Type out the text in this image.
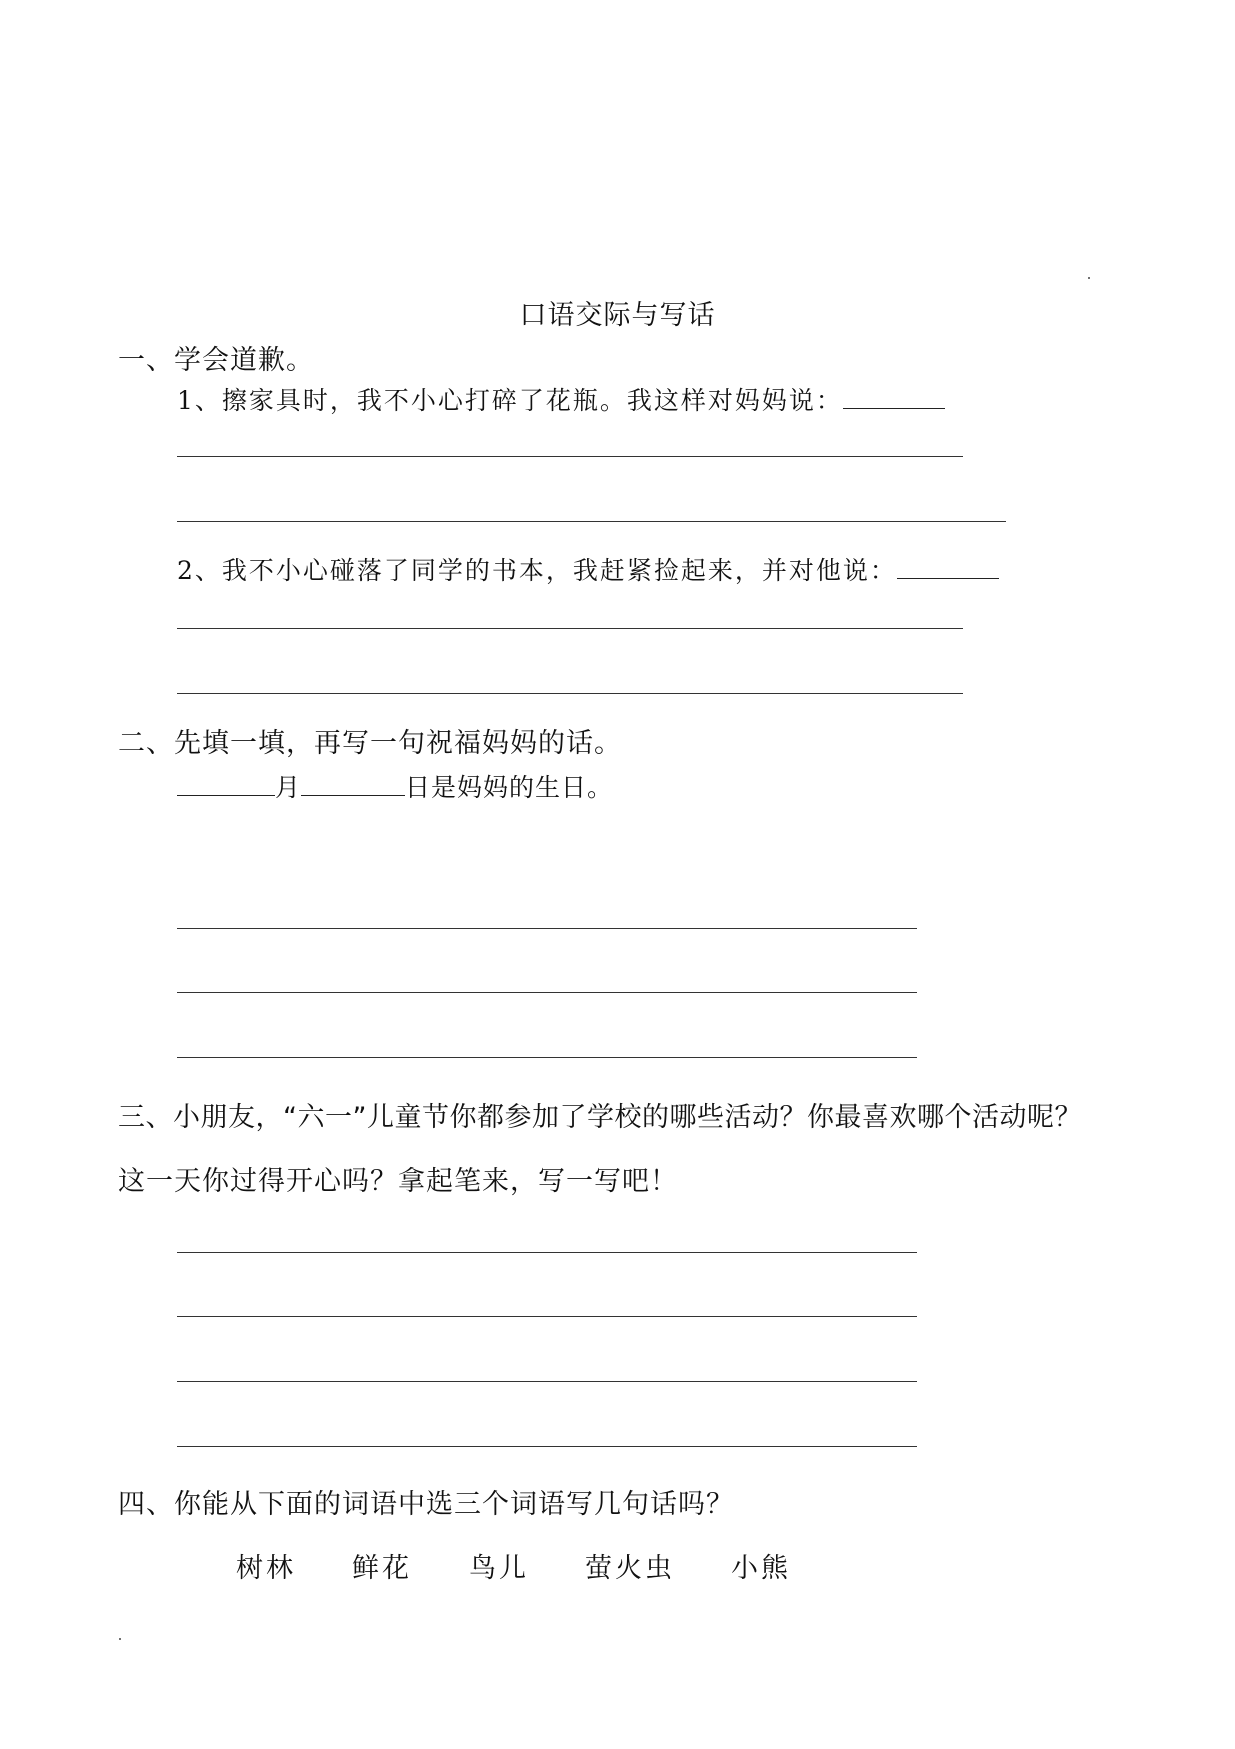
口语交际与写话
一、学会道歉。
1、擦家具时，我不小心打碎了花瓶。我这样对妈妈说：
2、我不小心碰落了同学的书本，我赶紧捡起来，并对他说：
二、先填一填，再写一句祝福妈妈的话。
月	日是妈妈的生日。
三、小朋友，“六一”儿童节你都参加了学校的哪些活动？你最喜欢哪个活动呢？
这一天你过得开心吗？拿起笔来，写一写吧！
四、你能从下面的词语中选三个词语写几句话吗？
树林 鲜花 鸟儿 萤火虫 小熊
